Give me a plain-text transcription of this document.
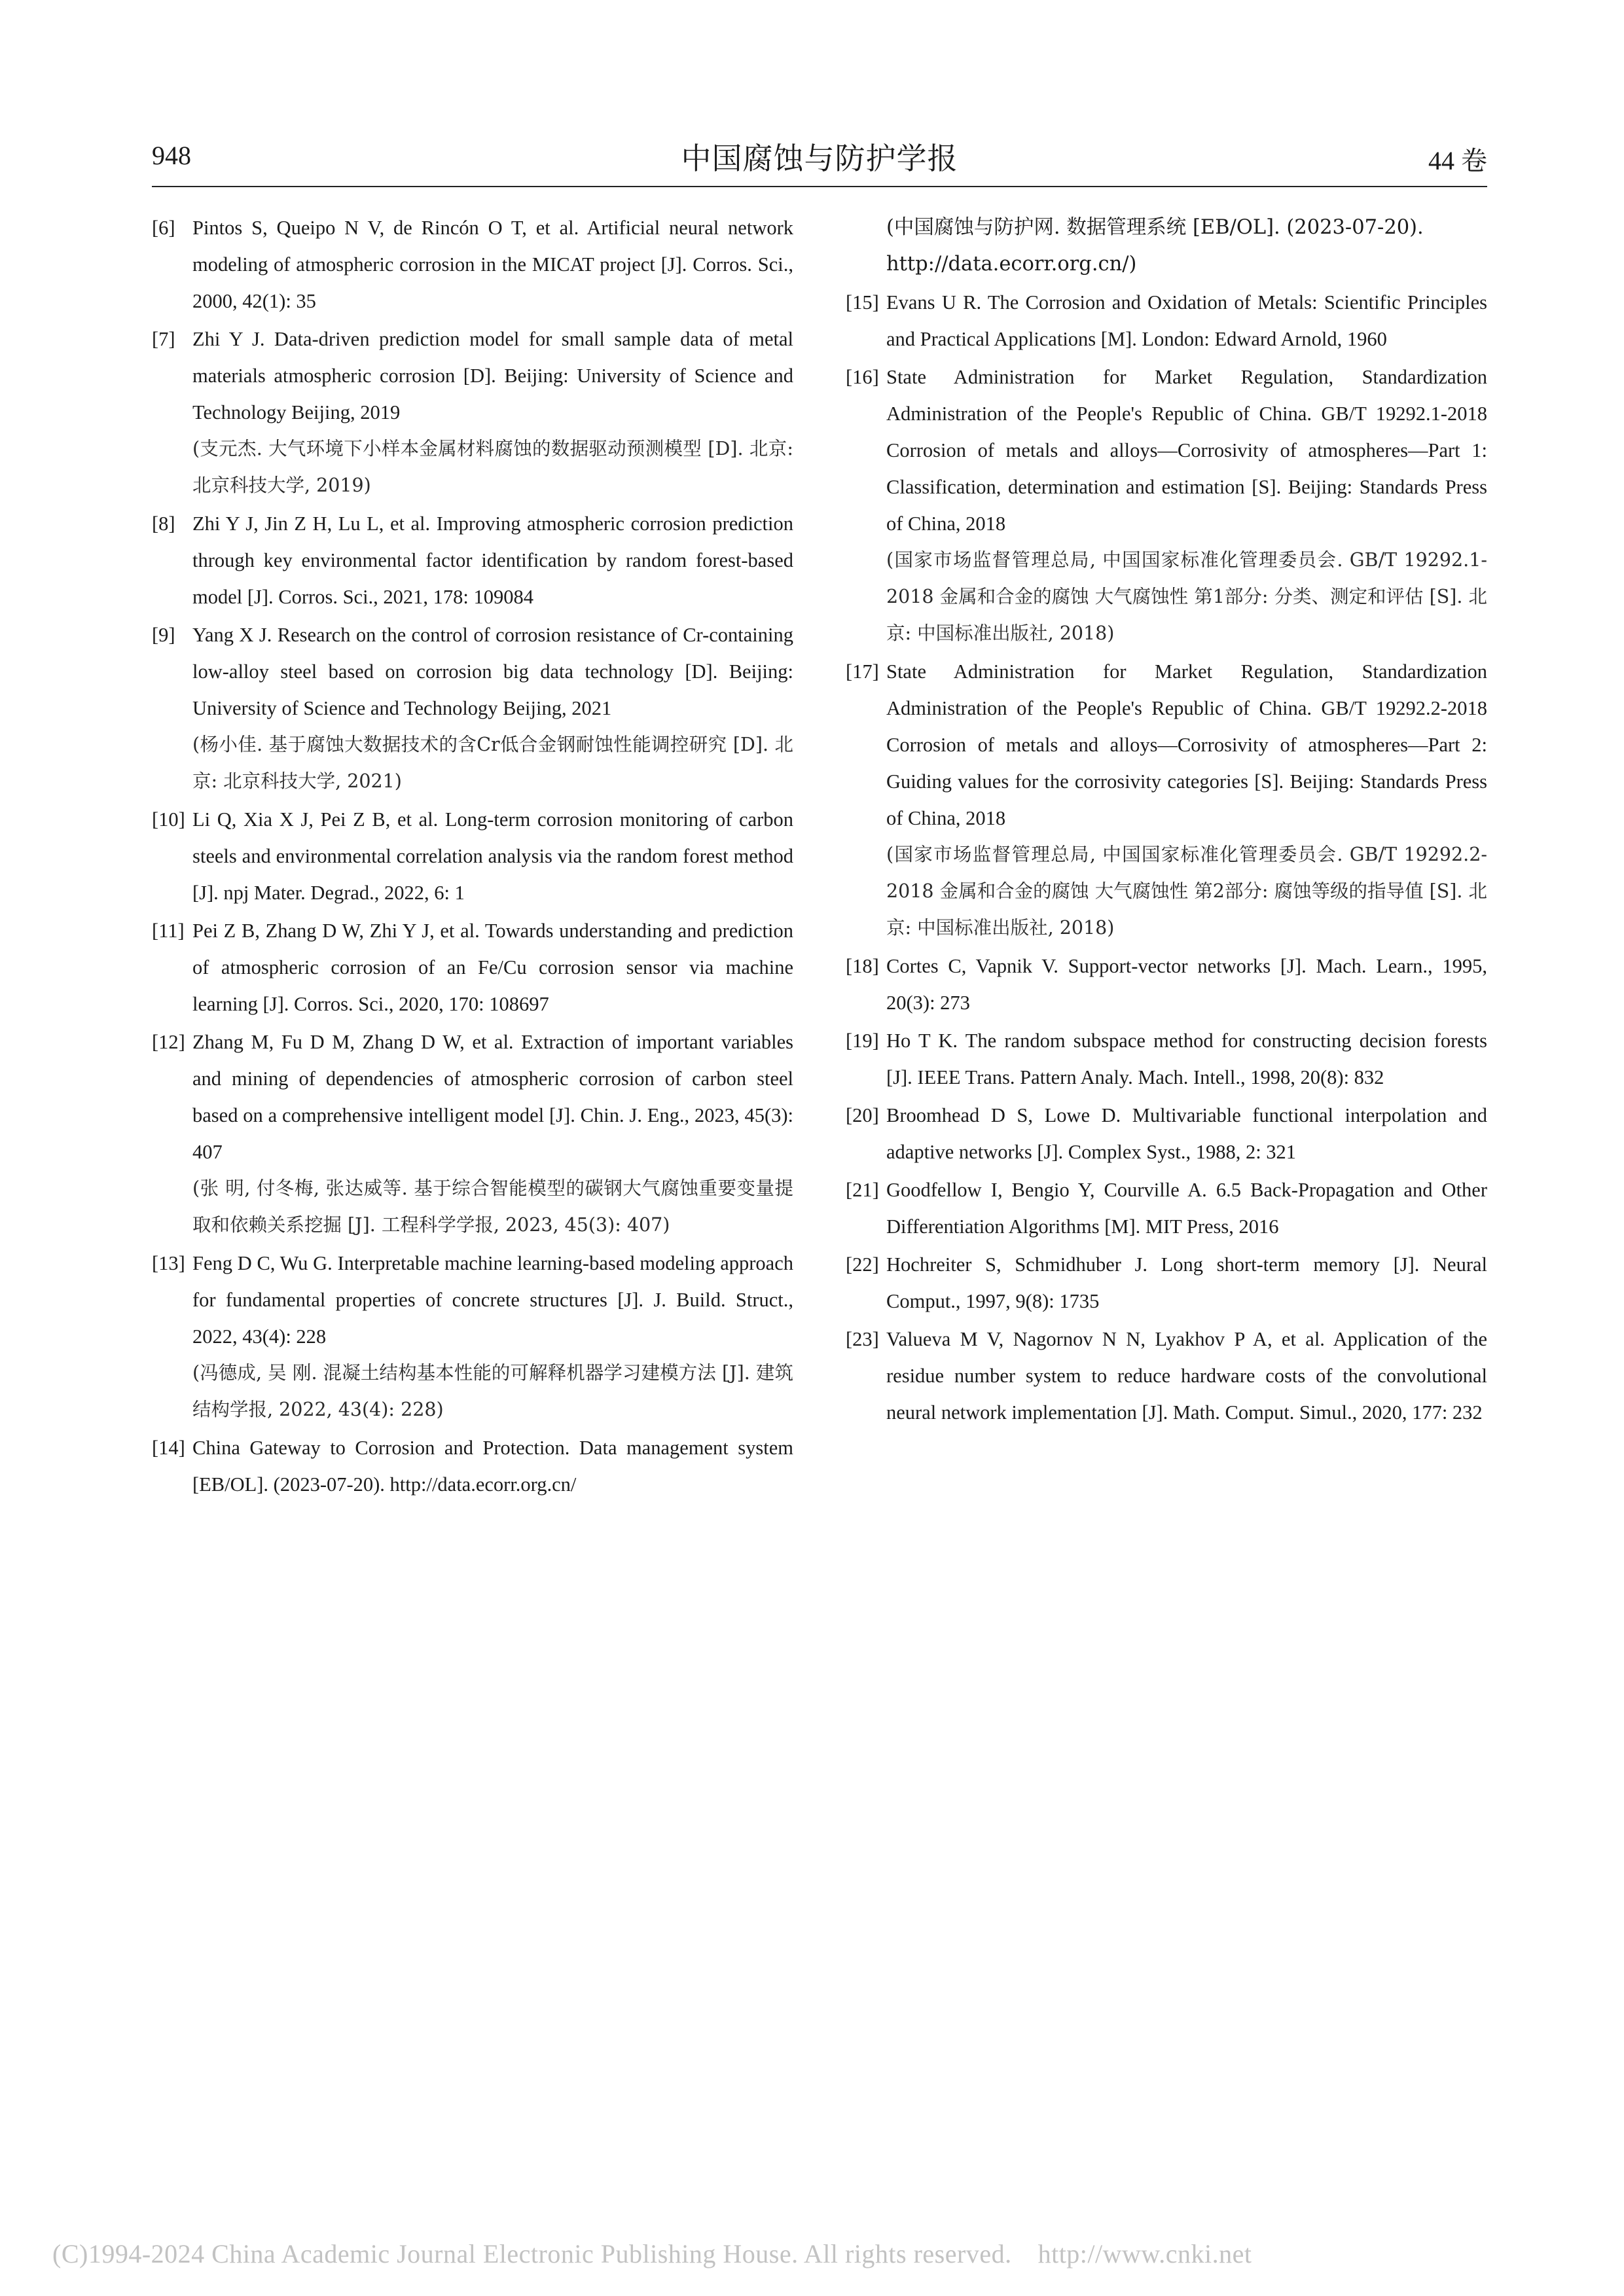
948	中国腐蚀与防护学报	44 卷
[6] Pintos S, Queipo N V, de Rincón O T, et al. Artificial neural network modeling of atmospheric corrosion in the MICAT project [J]. Corros. Sci., 2000, 42(1): 35
[7] Zhi Y J. Data-driven prediction model for small sample data of metal materials atmospheric corrosion [D]. Beijing: University of Science and Technology Beijing, 2019
(支元杰. 大气环境下小样本金属材料腐蚀的数据驱动预测模型 [D]. 北京: 北京科技大学, 2019)
[8] Zhi Y J, Jin Z H, Lu L, et al. Improving atmospheric corrosion prediction through key environmental factor identification by random forest-based model [J]. Corros. Sci., 2021, 178: 109084
[9] Yang X J. Research on the control of corrosion resistance of Cr-containing low-alloy steel based on corrosion big data technology [D]. Beijing: University of Science and Technology Beijing, 2021
(杨小佳. 基于腐蚀大数据技术的含Cr低合金钢耐蚀性能调控研究 [D]. 北京: 北京科技大学, 2021)
[10] Li Q, Xia X J, Pei Z B, et al. Long-term corrosion monitoring of carbon steels and environmental correlation analysis via the random forest method [J]. npj Mater. Degrad., 2022, 6: 1
[11] Pei Z B, Zhang D W, Zhi Y J, et al. Towards understanding and prediction of atmospheric corrosion of an Fe/Cu corrosion sensor via machine learning [J]. Corros. Sci., 2020, 170: 108697
[12] Zhang M, Fu D M, Zhang D W, et al. Extraction of important variables and mining of dependencies of atmospheric corrosion of carbon steel based on a comprehensive intelligent model [J]. Chin. J. Eng., 2023, 45(3): 407
(张 明, 付冬梅, 张达威等. 基于综合智能模型的碳钢大气腐蚀重要变量提取和依赖关系挖掘 [J]. 工程科学学报, 2023, 45(3): 407)
[13] Feng D C, Wu G. Interpretable machine learning-based modeling approach for fundamental properties of concrete structures [J]. J. Build. Struct., 2022, 43(4): 228
(冯德成, 吴 刚. 混凝土结构基本性能的可解释机器学习建模方法 [J]. 建筑结构学报, 2022, 43(4): 228)
[14] China Gateway to Corrosion and Protection. Data management system [EB/OL]. (2023-07-20). http://data.ecorr.org.cn/
(中国腐蚀与防护网. 数据管理系统 [EB/OL]. (2023-07-20). http://data.ecorr.org.cn/)
[15] Evans U R. The Corrosion and Oxidation of Metals: Scientific Principles and Practical Applications [M]. London: Edward Arnold, 1960
[16] State Administration for Market Regulation, Standardization Administration of the People's Republic of China. GB/T 19292.1-2018 Corrosion of metals and alloys—Corrosivity of atmospheres—Part 1: Classification, determination and estimation [S]. Beijing: Standards Press of China, 2018
(国家市场监督管理总局, 中国国家标准化管理委员会. GB/T 19292.1-2018 金属和合金的腐蚀 大气腐蚀性 第1部分: 分类、测定和评估 [S]. 北京: 中国标准出版社, 2018)
[17] State Administration for Market Regulation, Standardization Administration of the People's Republic of China. GB/T 19292.2-2018 Corrosion of metals and alloys—Corrosivity of atmospheres—Part 2: Guiding values for the corrosivity categories [S]. Beijing: Standards Press of China, 2018
(国家市场监督管理总局, 中国国家标准化管理委员会. GB/T 19292.2-2018 金属和合金的腐蚀 大气腐蚀性 第2部分: 腐蚀等级的指导值 [S]. 北京: 中国标准出版社, 2018)
[18] Cortes C, Vapnik V. Support-vector networks [J]. Mach. Learn., 1995, 20(3): 273
[19] Ho T K. The random subspace method for constructing decision forests [J]. IEEE Trans. Pattern Analy. Mach. Intell., 1998, 20(8): 832
[20] Broomhead D S, Lowe D. Multivariable functional interpolation and adaptive networks [J]. Complex Syst., 1988, 2: 321
[21] Goodfellow I, Bengio Y, Courville A. 6.5 Back-Propagation and Other Differentiation Algorithms [M]. MIT Press, 2016
[22] Hochreiter S, Schmidhuber J. Long short-term memory [J]. Neural Comput., 1997, 9(8): 1735
[23] Valueva M V, Nagornov N N, Lyakhov P A, et al. Application of the residue number system to reduce hardware costs of the convolutional neural network implementation [J]. Math. Comput. Simul., 2020, 177: 232
(C)1994-2024 China Academic Journal Electronic Publishing House. All rights reserved. http://www.cnki.net
